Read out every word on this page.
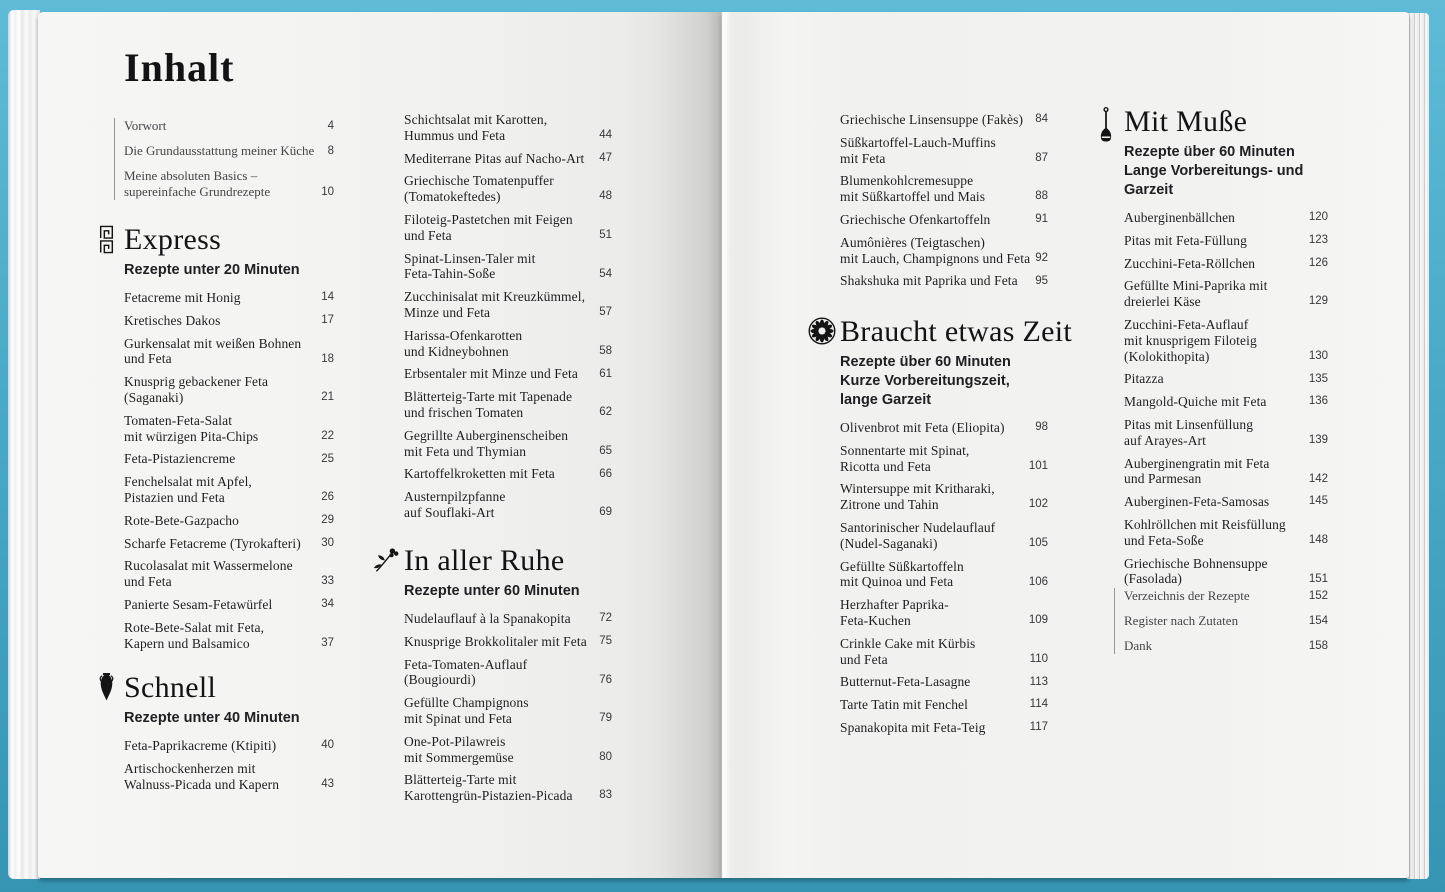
Inhalt
Vorwort	4
Die Grundausstattung meiner Küche	8
Meine absoluten Basics –
supereinfache Grundrezepte	10
Express
Rezepte unter 20 Minuten
Fetacreme mit Honig	14
Kretisches Dakos	17
Gurkensalat mit weißen Bohnen
und Feta	18
Knusprig gebackener Feta
(Saganaki)	21
Tomaten-Feta-Salat
mit würzigen Pita-Chips	22
Feta-Pistaziencreme	25
Fenchelsalat mit Apfel,
Pistazien und Feta	26
Rote-Bete-Gazpacho	29
Scharfe Fetacreme (Tyrokafteri)	30
Rucolasalat mit Wassermelone
und Feta	33
Panierte Sesam-Fetawürfel	34
Rote-Bete-Salat mit Feta,
Kapern und Balsamico	37
Schnell
Rezepte unter 40 Minuten
Feta-Paprikacreme (Ktipiti)	40
Artischockenherzen mit
Walnuss-Picada und Kapern	43
Schichtsalat mit Karotten,
Hummus und Feta	44
Mediterrane Pitas auf Nacho-Art	47
Griechische Tomatenpuffer
(Tomatokeftedes)	48
Filoteig-Pastetchen mit Feigen
und Feta	51
Spinat-Linsen-Taler mit
Feta-Tahin-Soße	54
Zucchinisalat mit Kreuzkümmel,
Minze und Feta	57
Harissa-Ofenkarotten
und Kidneybohnen	58
Erbsentaler mit Minze und Feta	61
Blätterteig-Tarte mit Tapenade
und frischen Tomaten	62
Gegrillte Auberginenscheiben
mit Feta und Thymian	65
Kartoffelkroketten mit Feta	66
Austernpilzpfanne
auf Souflaki-Art	69
In aller Ruhe
Rezepte unter 60 Minuten
Nudelauflauf à la Spanakopita	72
Knusprige Brokkolitaler mit Feta	75
Feta-Tomaten-Auflauf
(Bougiourdi)	76
Gefüllte Champignons
mit Spinat und Feta	79
One-Pot-Pilawreis
mit Sommergemüse	80
Blätterteig-Tarte mit
Karottengrün-Pistazien-Picada	83
Griechische Linsensuppe (Fakès)	84
Süßkartoffel-Lauch-Muffins
mit Feta	87
Blumenkohlcremesuppe
mit Süßkartoffel und Mais	88
Griechische Ofenkartoffeln	91
Aumônières (Teigtaschen)
mit Lauch, Champignons und Feta 92
Shakshuka mit Paprika und Feta	95
Braucht etwas Zeit
Rezepte über 60 Minuten
Kurze Vorbereitungszeit,
lange Garzeit
Olivenbrot mit Feta (Eliopita)	98
Sonnentarte mit Spinat,
Ricotta und Feta	101
Wintersuppe mit Kritharaki,
Zitrone und Tahin	102
Santorinischer Nudelauflauf
(Nudel-Saganaki)	105
Gefüllte Süßkartoffeln
mit Quinoa und Feta	106
Herzhafter Paprika-
Feta-Kuchen	109
Crinkle Cake mit Kürbis
und Feta	110
Butternut-Feta-Lasagne	113
Tarte Tatin mit Fenchel	114
Spanakopita mit Feta-Teig	117
Mit Muße
Rezepte über 60 Minuten
Lange Vorbereitungs- und
Garzeit
Auberginenbällchen	120
Pitas mit Feta-Füllung	123
Zucchini-Feta-Röllchen	126
Gefüllte Mini-Paprika mit
dreierlei Käse	129
Zucchini-Feta-Auflauf
mit knusprigem Filoteig
(Kolokithopita)	130
Pitazza	135
Mangold-Quiche mit Feta	136
Pitas mit Linsenfüllung
auf Arayes-Art	139
Auberginengratin mit Feta
und Parmesan	142
Auberginen-Feta-Samosas	145
Kohlröllchen mit Reisfüllung
und Feta-Soße	148
Griechische Bohnensuppe
(Fasolada)	151
Verzeichnis der Rezepte	152
Register nach Zutaten	154
Dank	158
